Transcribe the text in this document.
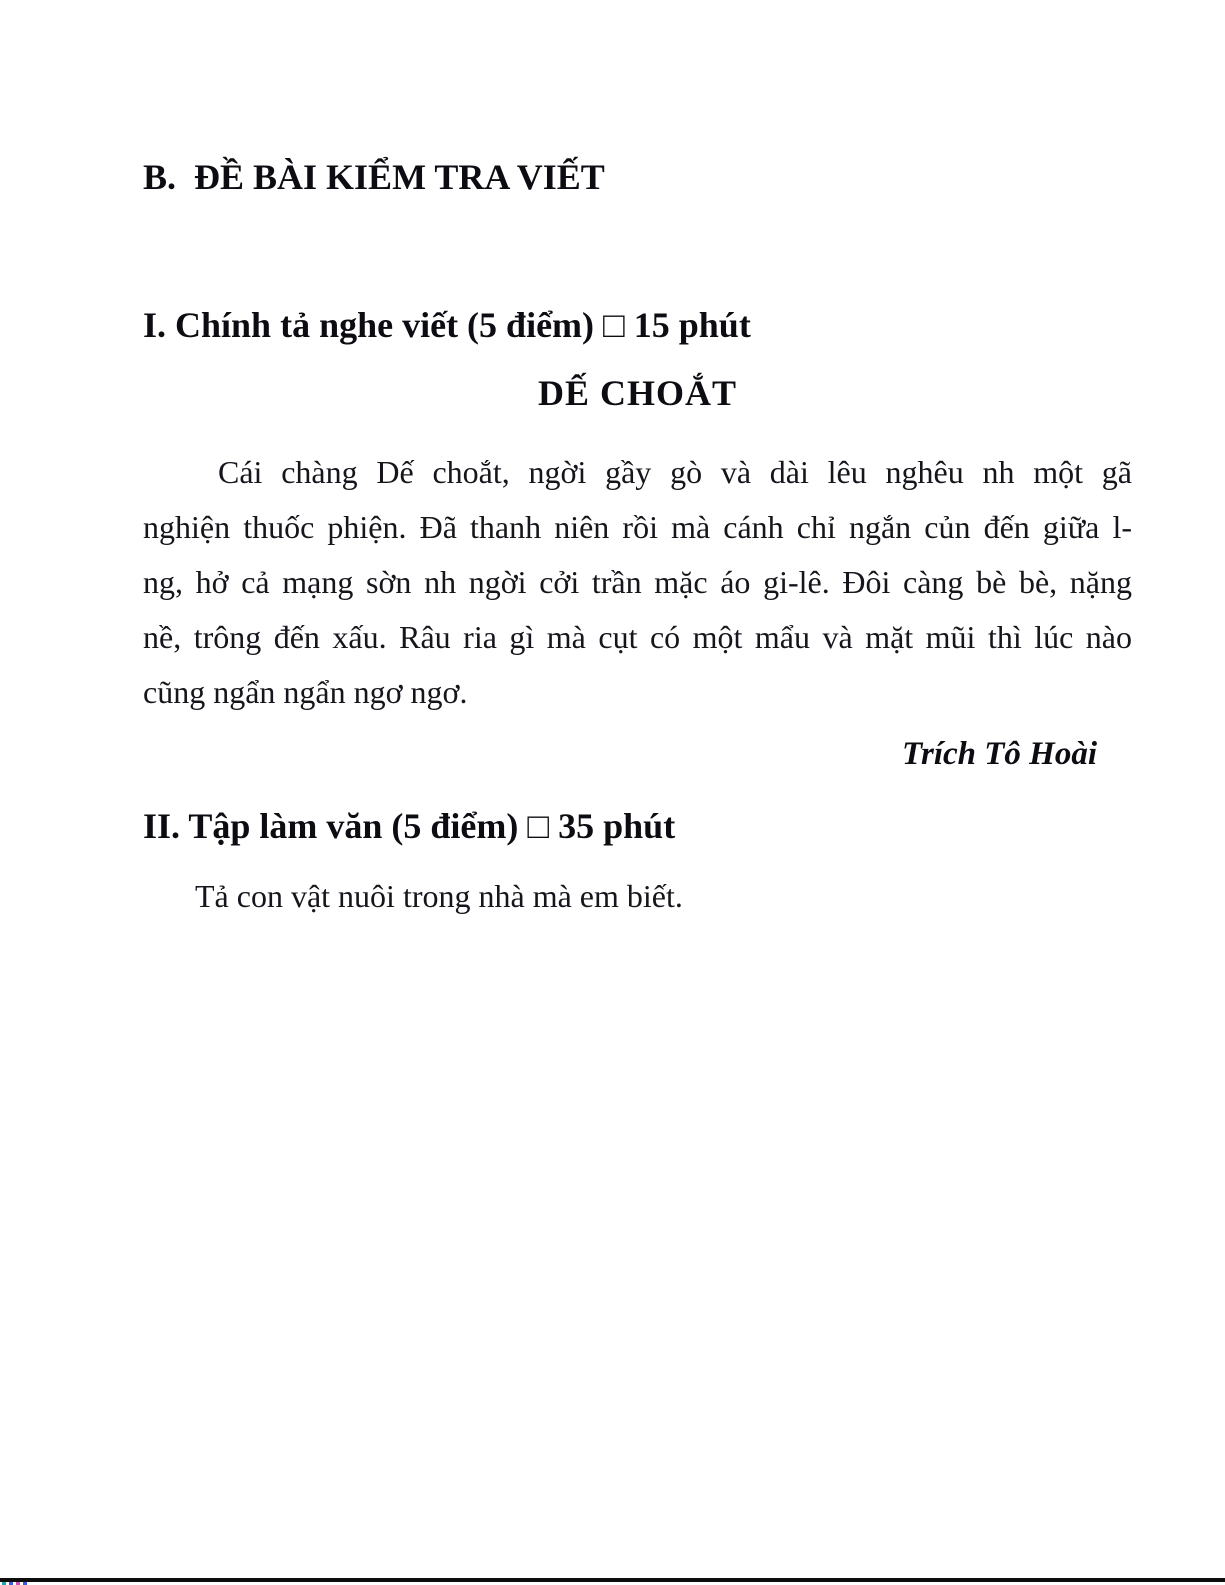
B.  ĐỀ BÀI KIỂM TRA VIẾT
I. Chính tả nghe viết (5 điểm) □ 15 phút
DẾ CHOẮT
Cái chàng Dế choắt, ngời gầy gò và dài lêu nghêu nh một gã
nghiện thuốc phiện. Đã thanh niên rồi mà cánh chỉ ngắn củn đến giữa l-
ng, hở cả mạng sờn nh ngời cởi trần mặc áo gi-lê. Đôi càng bè bè, nặng
nề, trông đến xấu. Râu ria gì mà cụt có một mẩu và mặt mũi thì lúc nào
cũng ngẩn ngẩn ngơ ngơ.
Trích Tô Hoài
II. Tập làm văn (5 điểm) □ 35 phút
Tả con vật nuôi trong nhà mà em biết.
